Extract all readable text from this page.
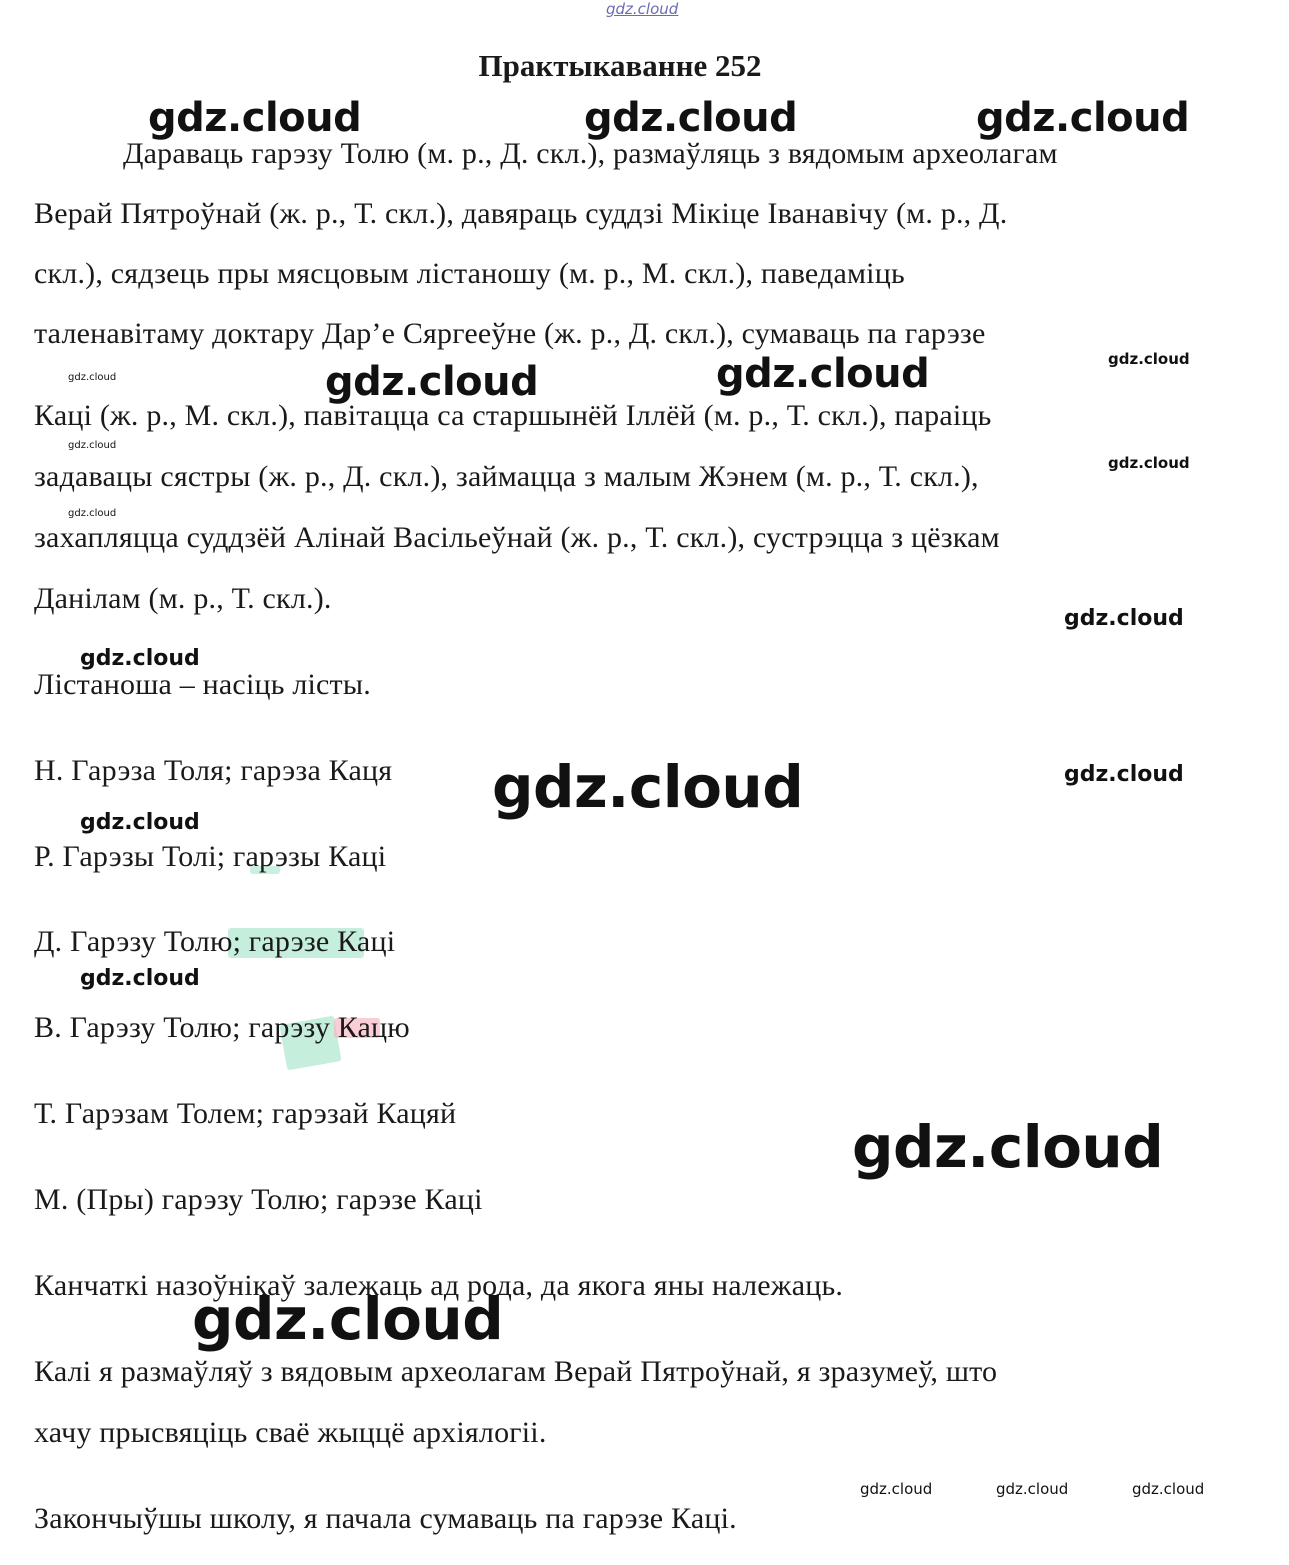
Практыкаванне 252
Дараваць гарэзу Толю (м. р., Д. скл.), размаўляць з вядомым археолагам
Верай Пятроўнай (ж. р., Т. скл.), давяраць суддзі Мікіце Іванавічу (м. р., Д.
скл.), сядзець пры мясцовым лістаношу (м. р., М. скл.), паведаміць
таленавітаму доктару Дар’е Сяргееўне (ж. р., Д. скл.), сумаваць па гарэзе
Каці (ж. р., М. скл.), павітацца са старшынёй Іллёй (м. р., Т. скл.), параіць
задавацы сястры (ж. р., Д. скл.), займацца з малым Жэнем (м. р., Т. скл.),
захапляцца суддзёй Алінай Васільеўнай (ж. р., Т. скл.), сустрэцца з цёзкам
Данілам (м. р., Т. скл.).
Лістаноша – насіць лісты.
Н. Гарэза Толя; гарэза Каця
Р. Гарэзы Толі; гарэзы Каці
Д. Гарэзу Толю; гарэзе Каці
В. Гарэзу Толю; гарэзу Кацю
Т. Гарэзам Толем; гарэзай Кацяй
М. (Пры) гарэзу Толю; гарэзе Каці
Канчаткі назоўнікаў залежаць ад рода, да якога яны належаць.
Калі я размаўляў з вядовым археолагам Верай Пятроўнай, я зразумеў, што
хачу прысвяціць сваё жыццё архіялогіі.
Закончыўшы школу, я пачала сумаваць па гарэзе Каці.
gdz.cloud
gdz.cloud	gdz.cloud	gdz.cloud
gdz.cloud	gdz.cloud	gdz.cloud
gdz.cloud
gdz.cloud
gdz.cloud
gdz.cloud
gdz.cloud
gdz.cloud
gdz.cloud	gdz.cloud
gdz.cloud
gdz.cloud
gdz.cloud
gdz.cloud
gdz.cloud	gdz.cloud	gdz.cloud
